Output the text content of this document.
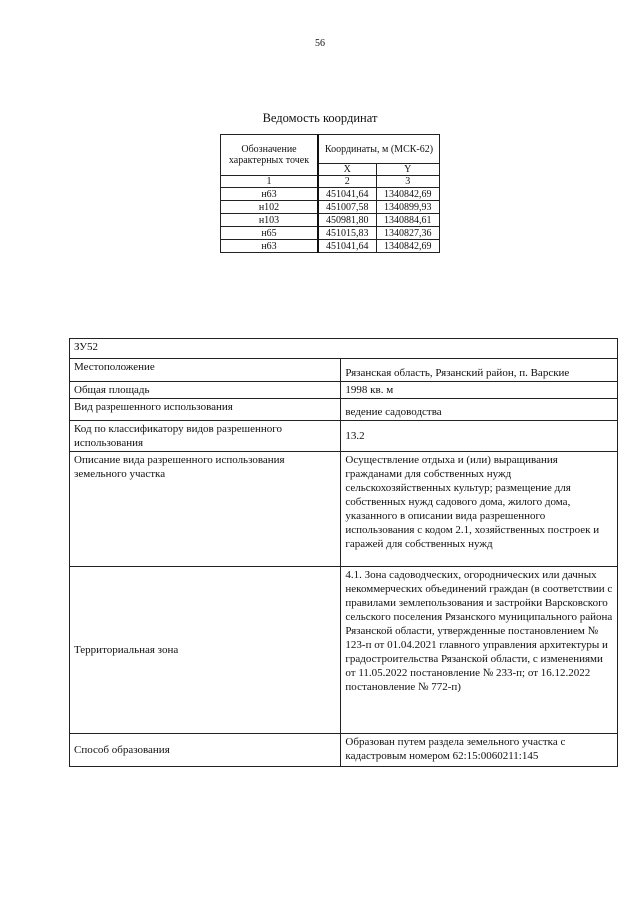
56
Ведомость координат
Обозначение характерных точек	Координаты, м (МСК-62)	
	X	Y
1	2	3
н63	451041,64	1340842,69
н102	451007,58	1340899,93
н103	450981,80	1340884,61
н65	451015,83	1340827,36
н63	451041,64	1340842,69
ЗУ52	
Местоположение	Рязанская область, Рязанский район, п. Варские
Общая площадь	1998 кв. м
Вид разрешенного использования	ведение садоводства
Код по классификатору видов разрешенного использования	13.2
Описание вида разрешенного использования земельного участка	Осуществление отдыха и (или) выращивания гражданами для собственных нужд сельскохозяйственных культур; размещение для собственных нужд садового дома, жилого дома, указанного в описании вида разрешенного использования с кодом 2.1, хозяйственных построек и гаражей для собственных нужд
Территориальная зона	4.1. Зона садоводческих, огороднических или дачных некоммерческих объединений граждан (в соответствии с правилами землепользования и застройки Варсковского сельского поселения Рязанского муниципального района Рязанской области, утвержденные постановлением № 123-п от 01.04.2021 главного управления архитектуры и градостроительства Рязанской области, с изменениями от 11.05.2022 постановление № 233-п; от 16.12.2022 постановление № 772-п)
Способ образования	Образован путем раздела земельного участка с кадастровым номером 62:15:0060211:145
